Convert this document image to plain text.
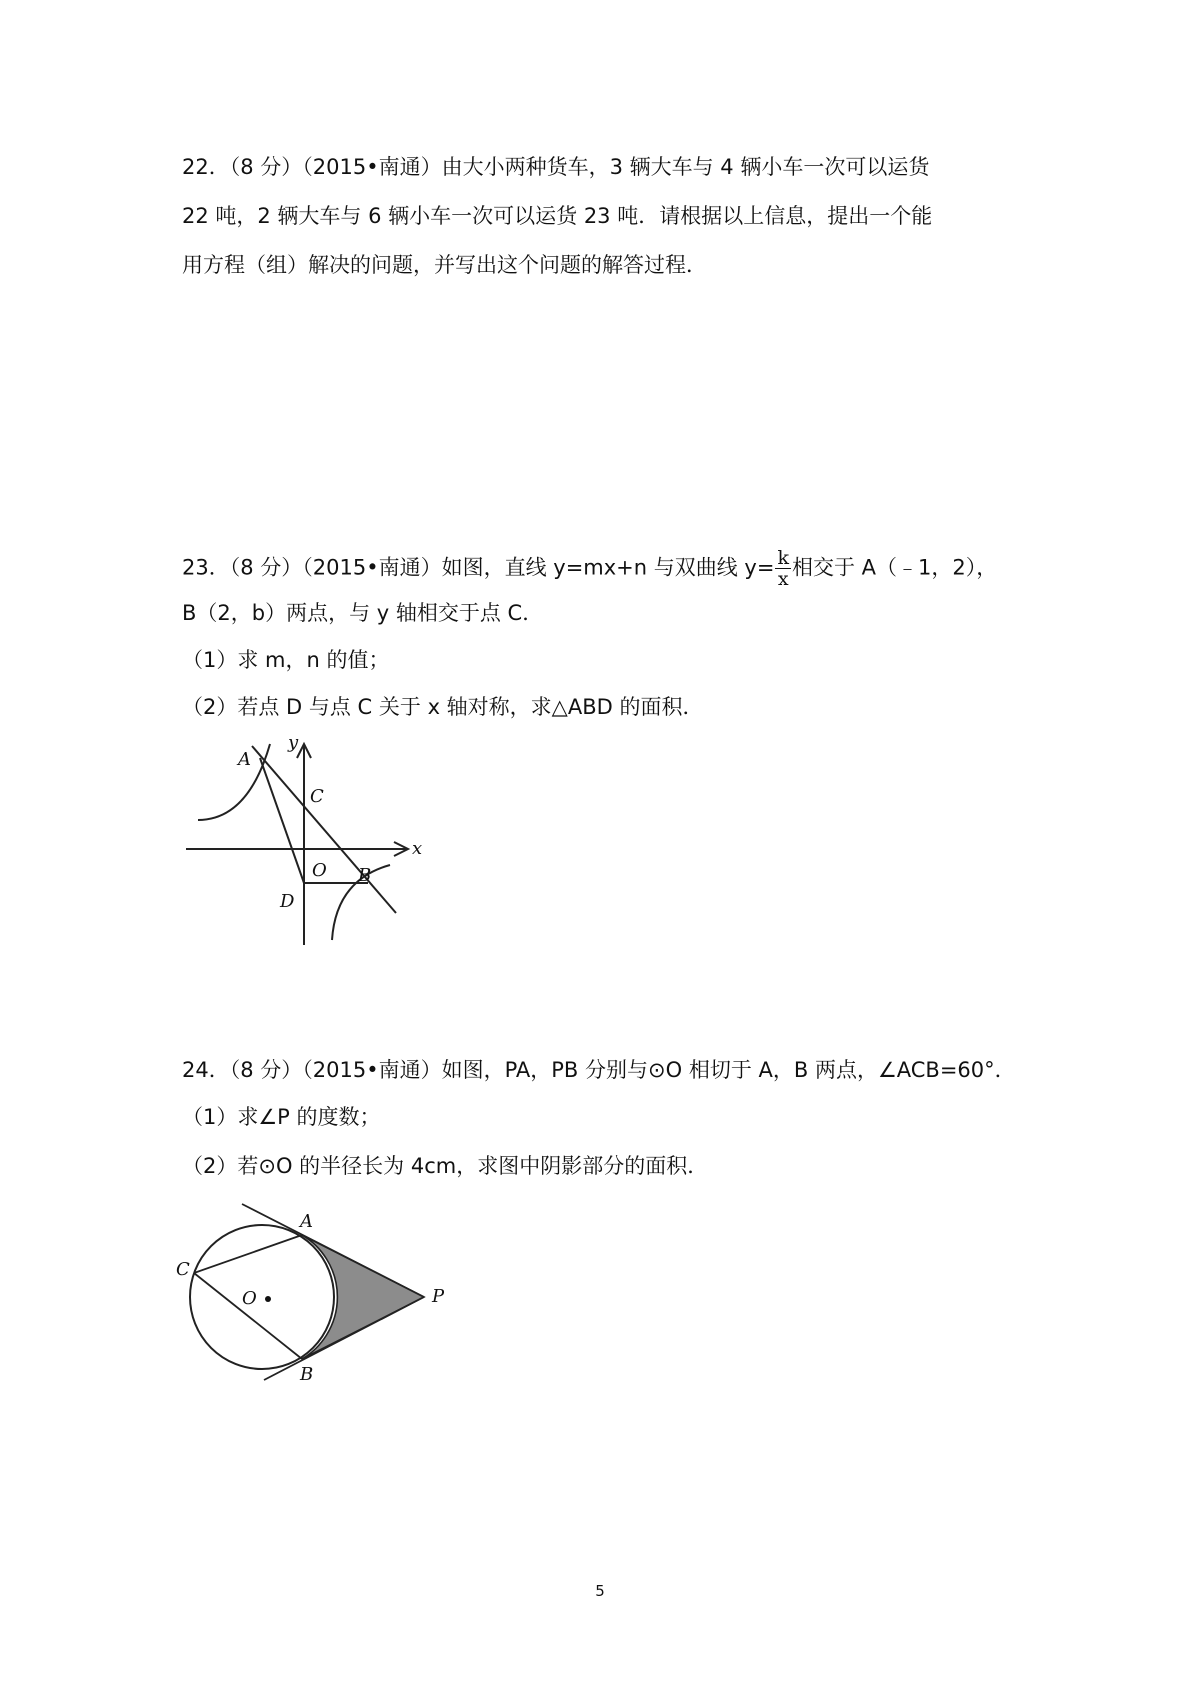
22．（8 分）（2015•南通）由大小两种货车，3 辆大车与 4 辆小车一次可以运货
22 吨，2 辆大车与 6 辆小车一次可以运货 23 吨．请根据以上信息，提出一个能
用方程（组）解决的问题，并写出这个问题的解答过程．
23．（8 分）（2015•南通）如图，直线 y=mx+n 与双曲线 $y= \frac{k}{x}$ 相交于 A（﹣1，2），
B（2，b）两点，与 y 轴相交于点 C．
（1）求 m，n 的值；
（2）若点 D 与点 C 关于 x 轴对称，求△ABD 的面积．
A
C
O B
D
x
y
24．（8 分）（2015•南通）如图，PA，PB 分别与⊙O 相切于 A，B 两点，∠ACB=60°．
（1）求∠P 的度数；
（2）若⊙O 的半径长为 4cm，求图中阴影部分的面积．
A
C
O	P
B
5
